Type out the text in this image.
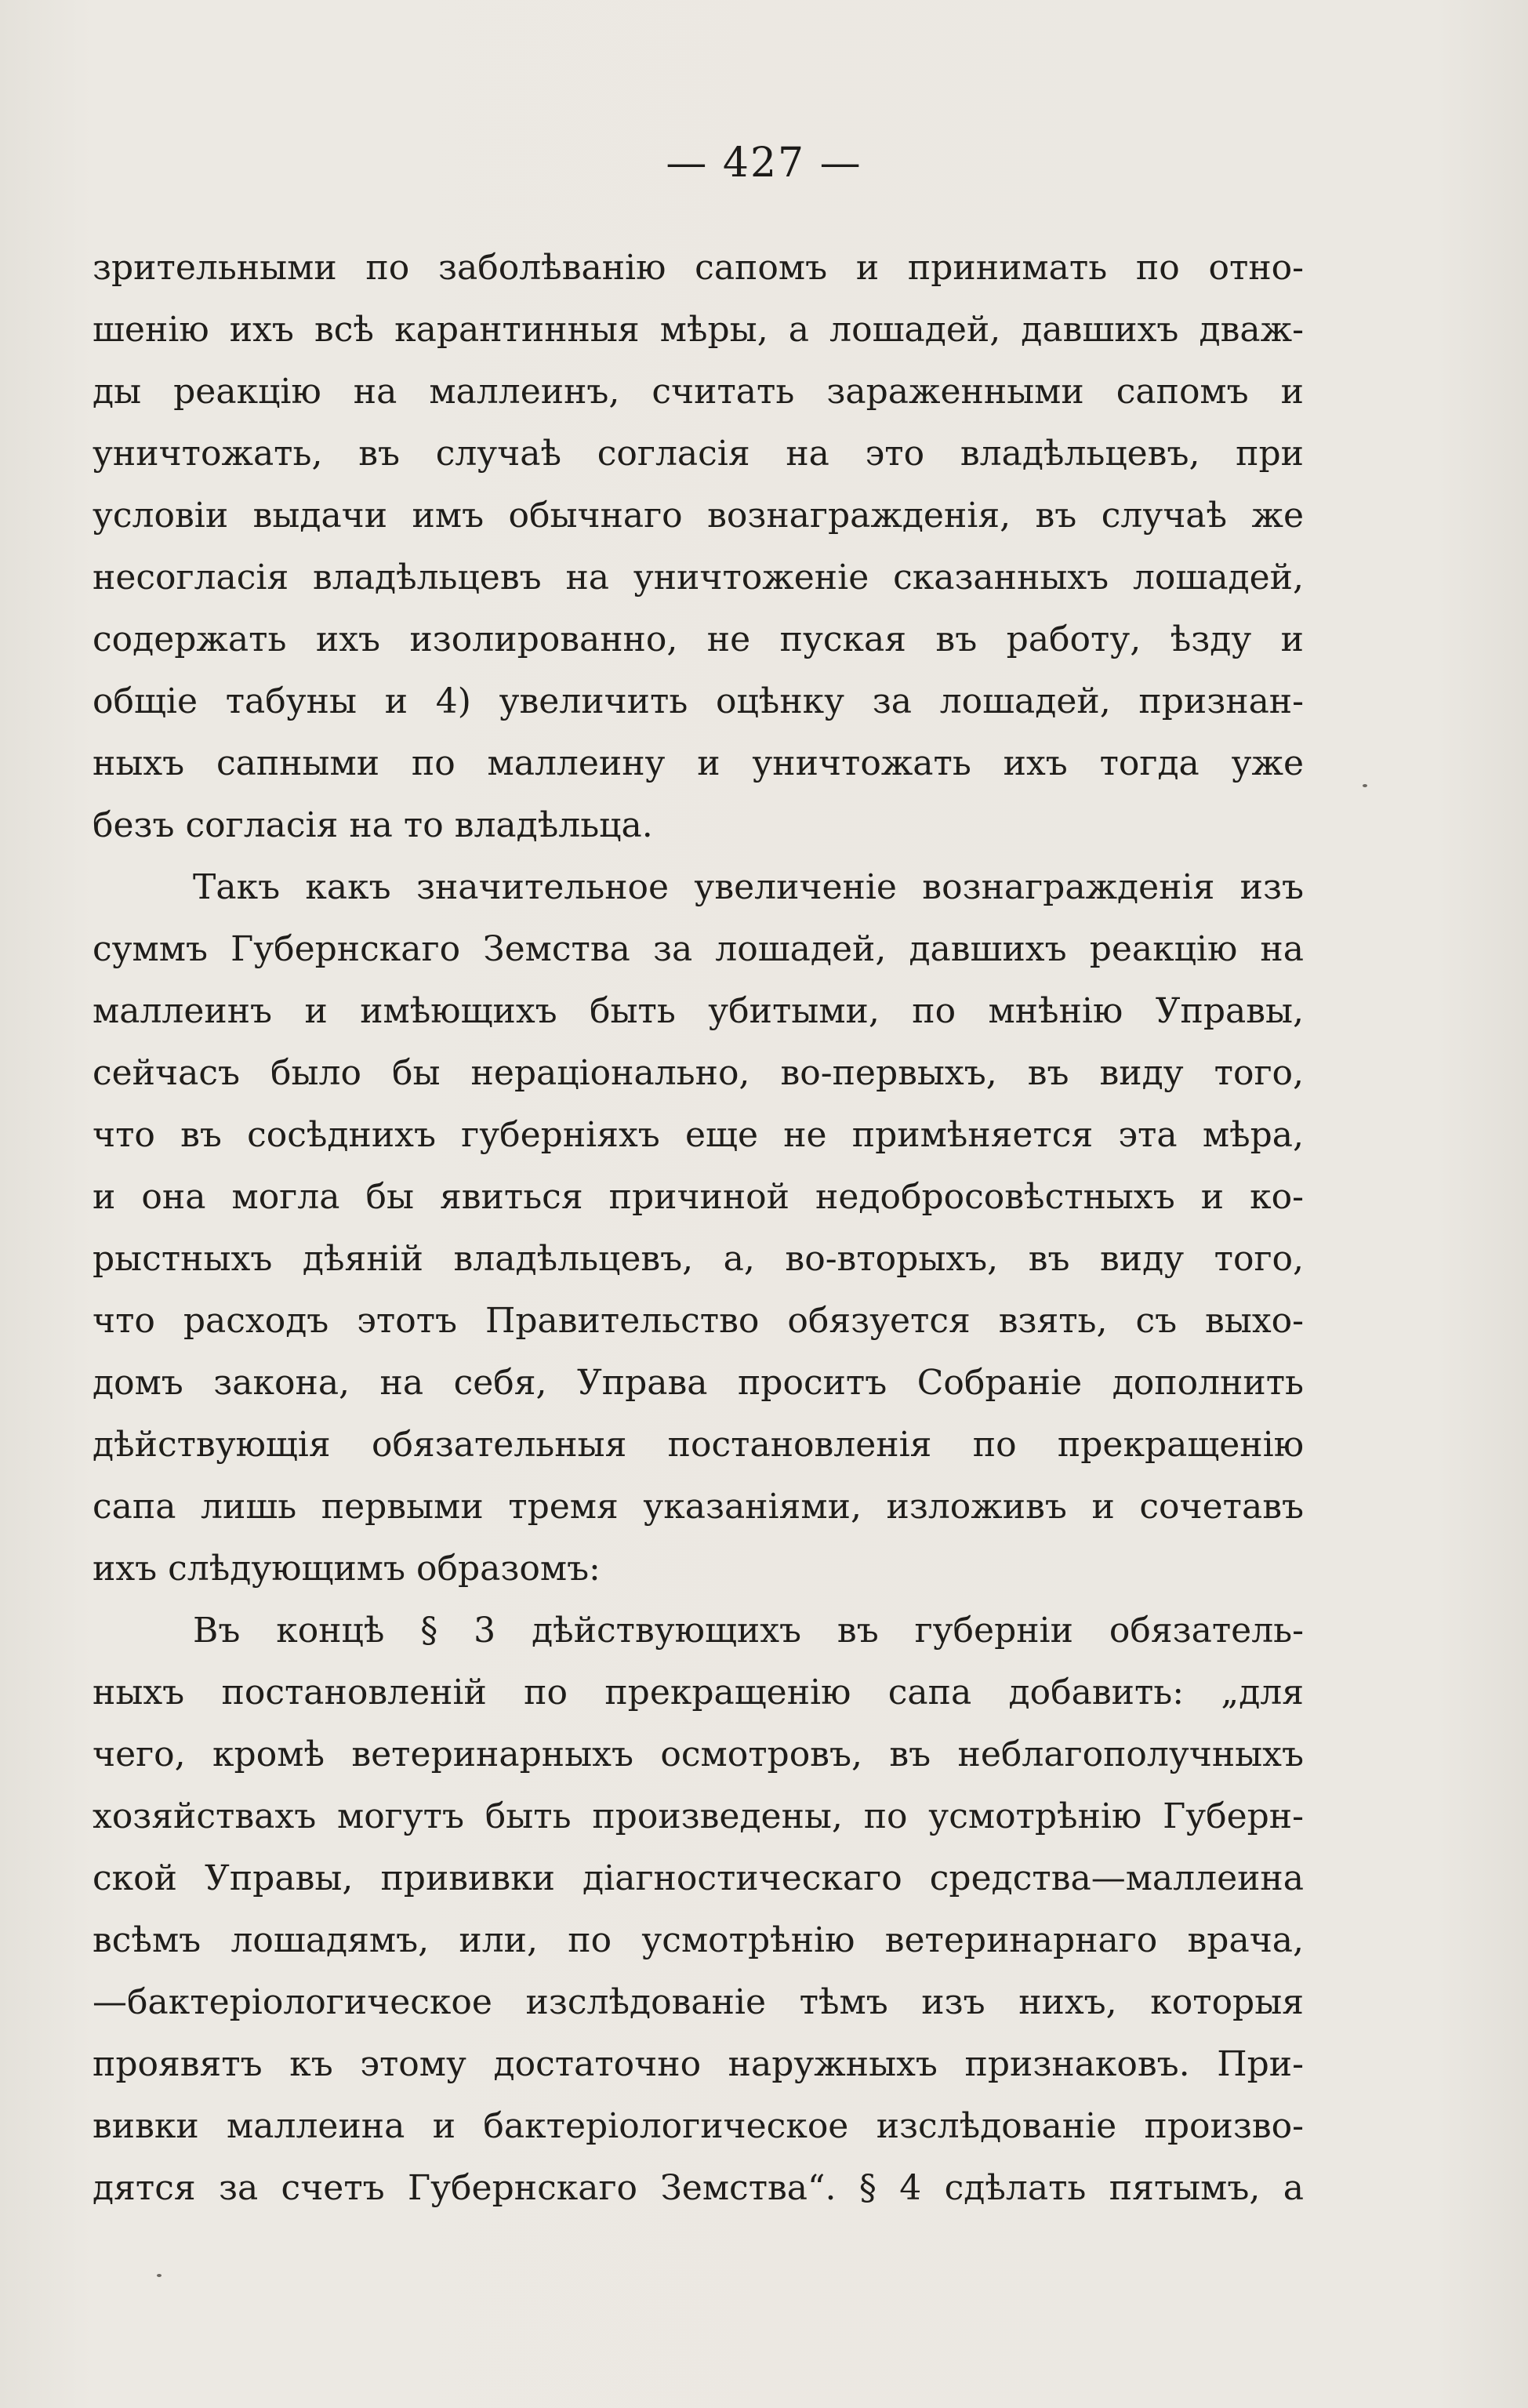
— 427 —
зрительными по заболѣванію сапомъ и принимать по отно-
шенію ихъ всѣ карантинныя мѣры, а лошадей, давшихъ дваж-
ды реакцію на маллеинъ, считать зараженными сапомъ и
уничтожать, въ случаѣ согласія на это владѣльцевъ, при
условіи выдачи имъ обычнаго вознагражденія, въ случаѣ же
несогласія владѣльцевъ на уничтоженіе сказанныхъ лошадей,
содержать ихъ изолированно, не пуская въ работу, ѣзду и
общіе табуны и 4) увеличить оцѣнку за лошадей, признан-
ныхъ сапными по маллеину и уничтожать ихъ тогда уже
безъ согласія на то владѣльца.
Такъ какъ значительное увеличеніе вознагражденія изъ
суммъ Губернскаго Земства за лошадей, давшихъ реакцію на
маллеинъ и имѣющихъ быть убитыми, по мнѣнію Управы,
сейчасъ было бы нераціонально, во-первыхъ, въ виду того,
что въ сосѣднихъ губерніяхъ еще не примѣняется эта мѣра,
и она могла бы явиться причиной недобросовѣстныхъ и ко-
рыстныхъ дѣяній владѣльцевъ, а, во-вторыхъ, въ виду того,
что расходъ этотъ Правительство обязуется взять, съ выхо-
домъ закона, на себя, Управа проситъ Собраніе дополнить
дѣйствующія обязательныя постановленія по прекращенію
сапа лишь первыми тремя указаніями, изложивъ и сочетавъ
ихъ слѣдующимъ образомъ:
Въ концѣ § 3 дѣйствующихъ въ губерніи обязатель-
ныхъ постановленій по прекращенію сапа добавить: „для
чего, кромѣ ветеринарныхъ осмотровъ, въ неблагополучныхъ
хозяйствахъ могутъ быть произведены, по усмотрѣнію Губерн-
ской Управы, прививки діагностическаго средства—маллеина
всѣмъ лошадямъ, или, по усмотрѣнію ветеринарнаго врача,
—бактеріологическое изслѣдованіе тѣмъ изъ нихъ, которыя
проявятъ къ этому достаточно наружныхъ признаковъ. При-
вивки маллеина и бактеріологическое изслѣдованіе произво-
дятся за счетъ Губернскаго Земства“. § 4 сдѣлать пятымъ, а
